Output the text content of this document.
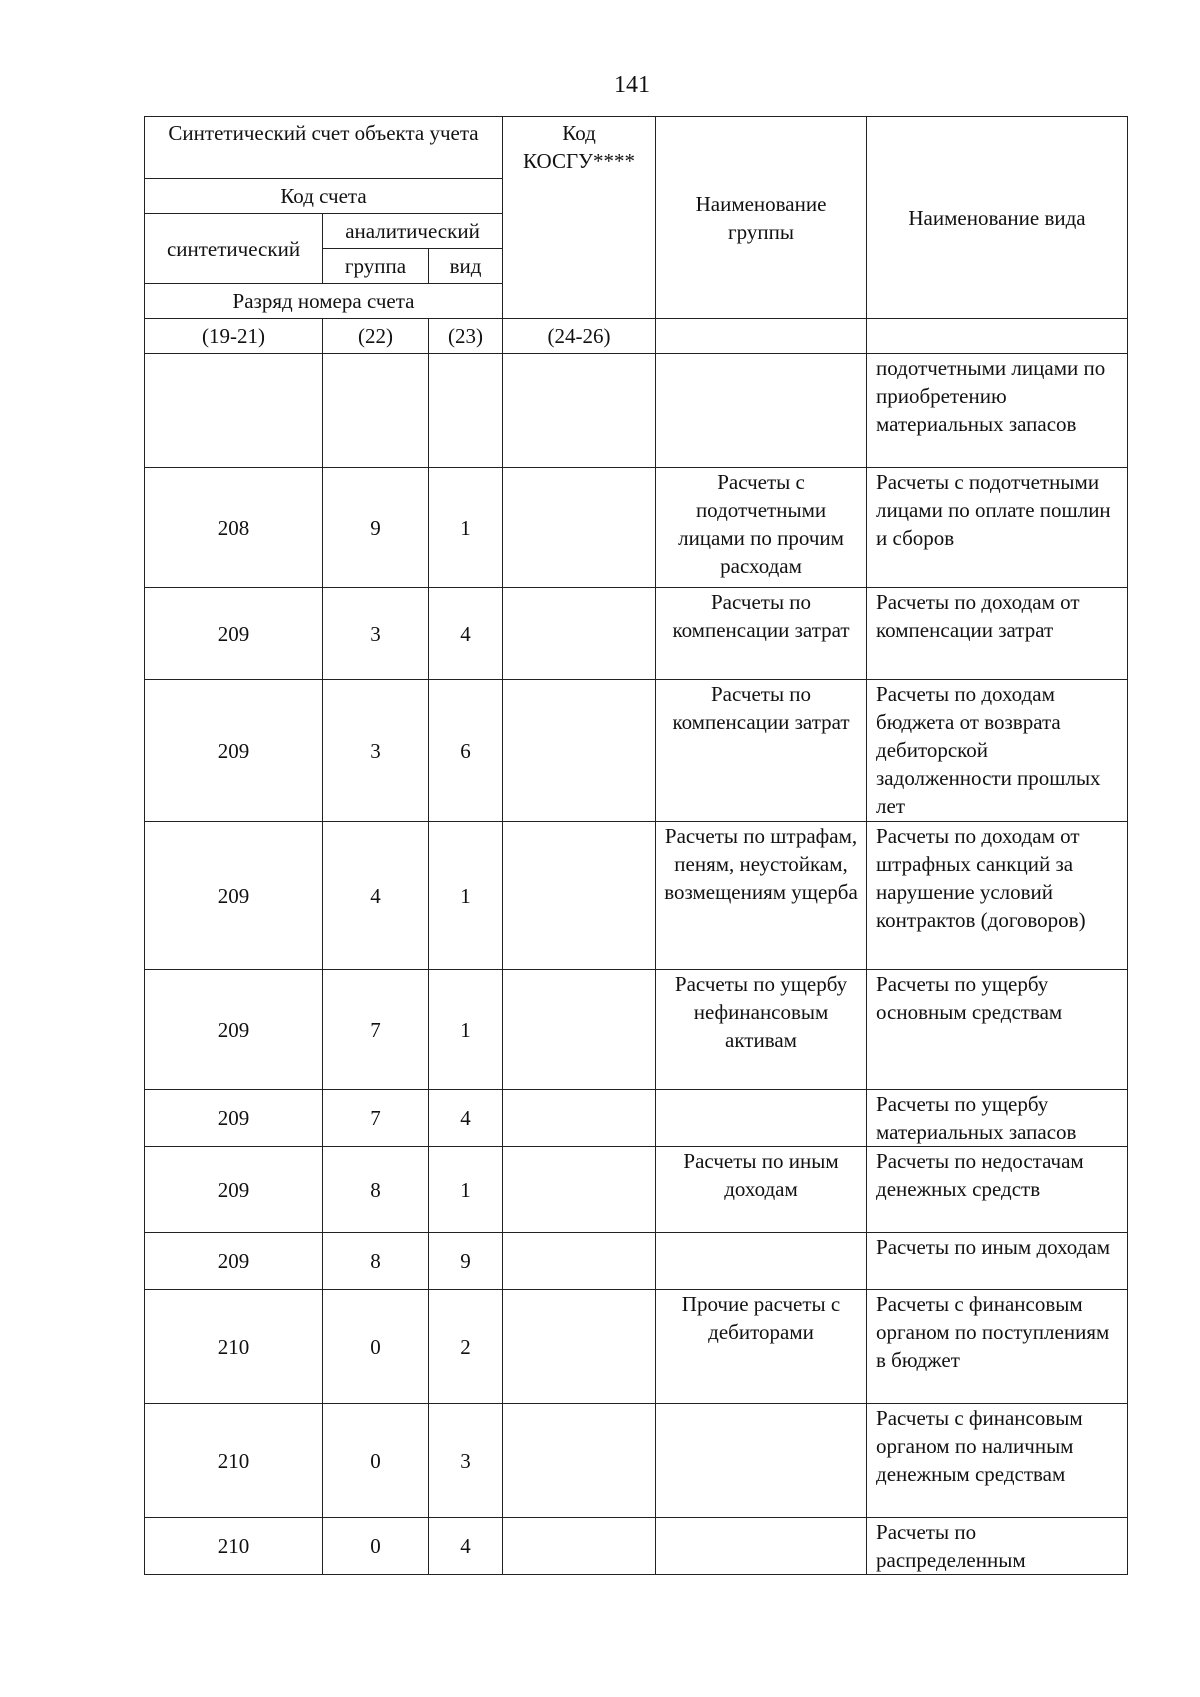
141
Синтетический счет объекта учета			Код КОСГУ****	Наименование группы	Наименование вида
Код счета					
синтетический	аналитический				
	группа	вид			
Разряд номера счета					
(19-21)	(22)	(23)	(24-26)		
					подотчетными лицами по приобретению материальных запасов
208	9	1		Расчеты с подотчетными лицами по прочим расходам	Расчеты с подотчетными лицами по оплате пошлин и сборов
209	3	4		Расчеты по компенсации затрат	Расчеты по доходам от компенсации затрат
209	3	6		Расчеты по компенсации затрат	Расчеты по доходам бюджета от возврата дебиторской задолженности прошлых лет
209	4	1		Расчеты по штрафам, пеням, неустойкам, возмещениям ущерба	Расчеты по доходам от штрафных санкций за нарушение условий контрактов (договоров)
209	7	1		Расчеты по ущербу нефинансовым активам	Расчеты по ущербу основным средствам
209	7	4			Расчеты по ущербу материальных запасов
209	8	1		Расчеты по иным доходам	Расчеты по недостачам денежных средств
209	8	9			Расчеты по иным доходам
210	0	2		Прочие расчеты с дебиторами	Расчеты с финансовым органом по поступлениям в бюджет
210	0	3			Расчеты с финансовым органом по наличным денежным средствам
210	0	4			Расчеты по распределенным
